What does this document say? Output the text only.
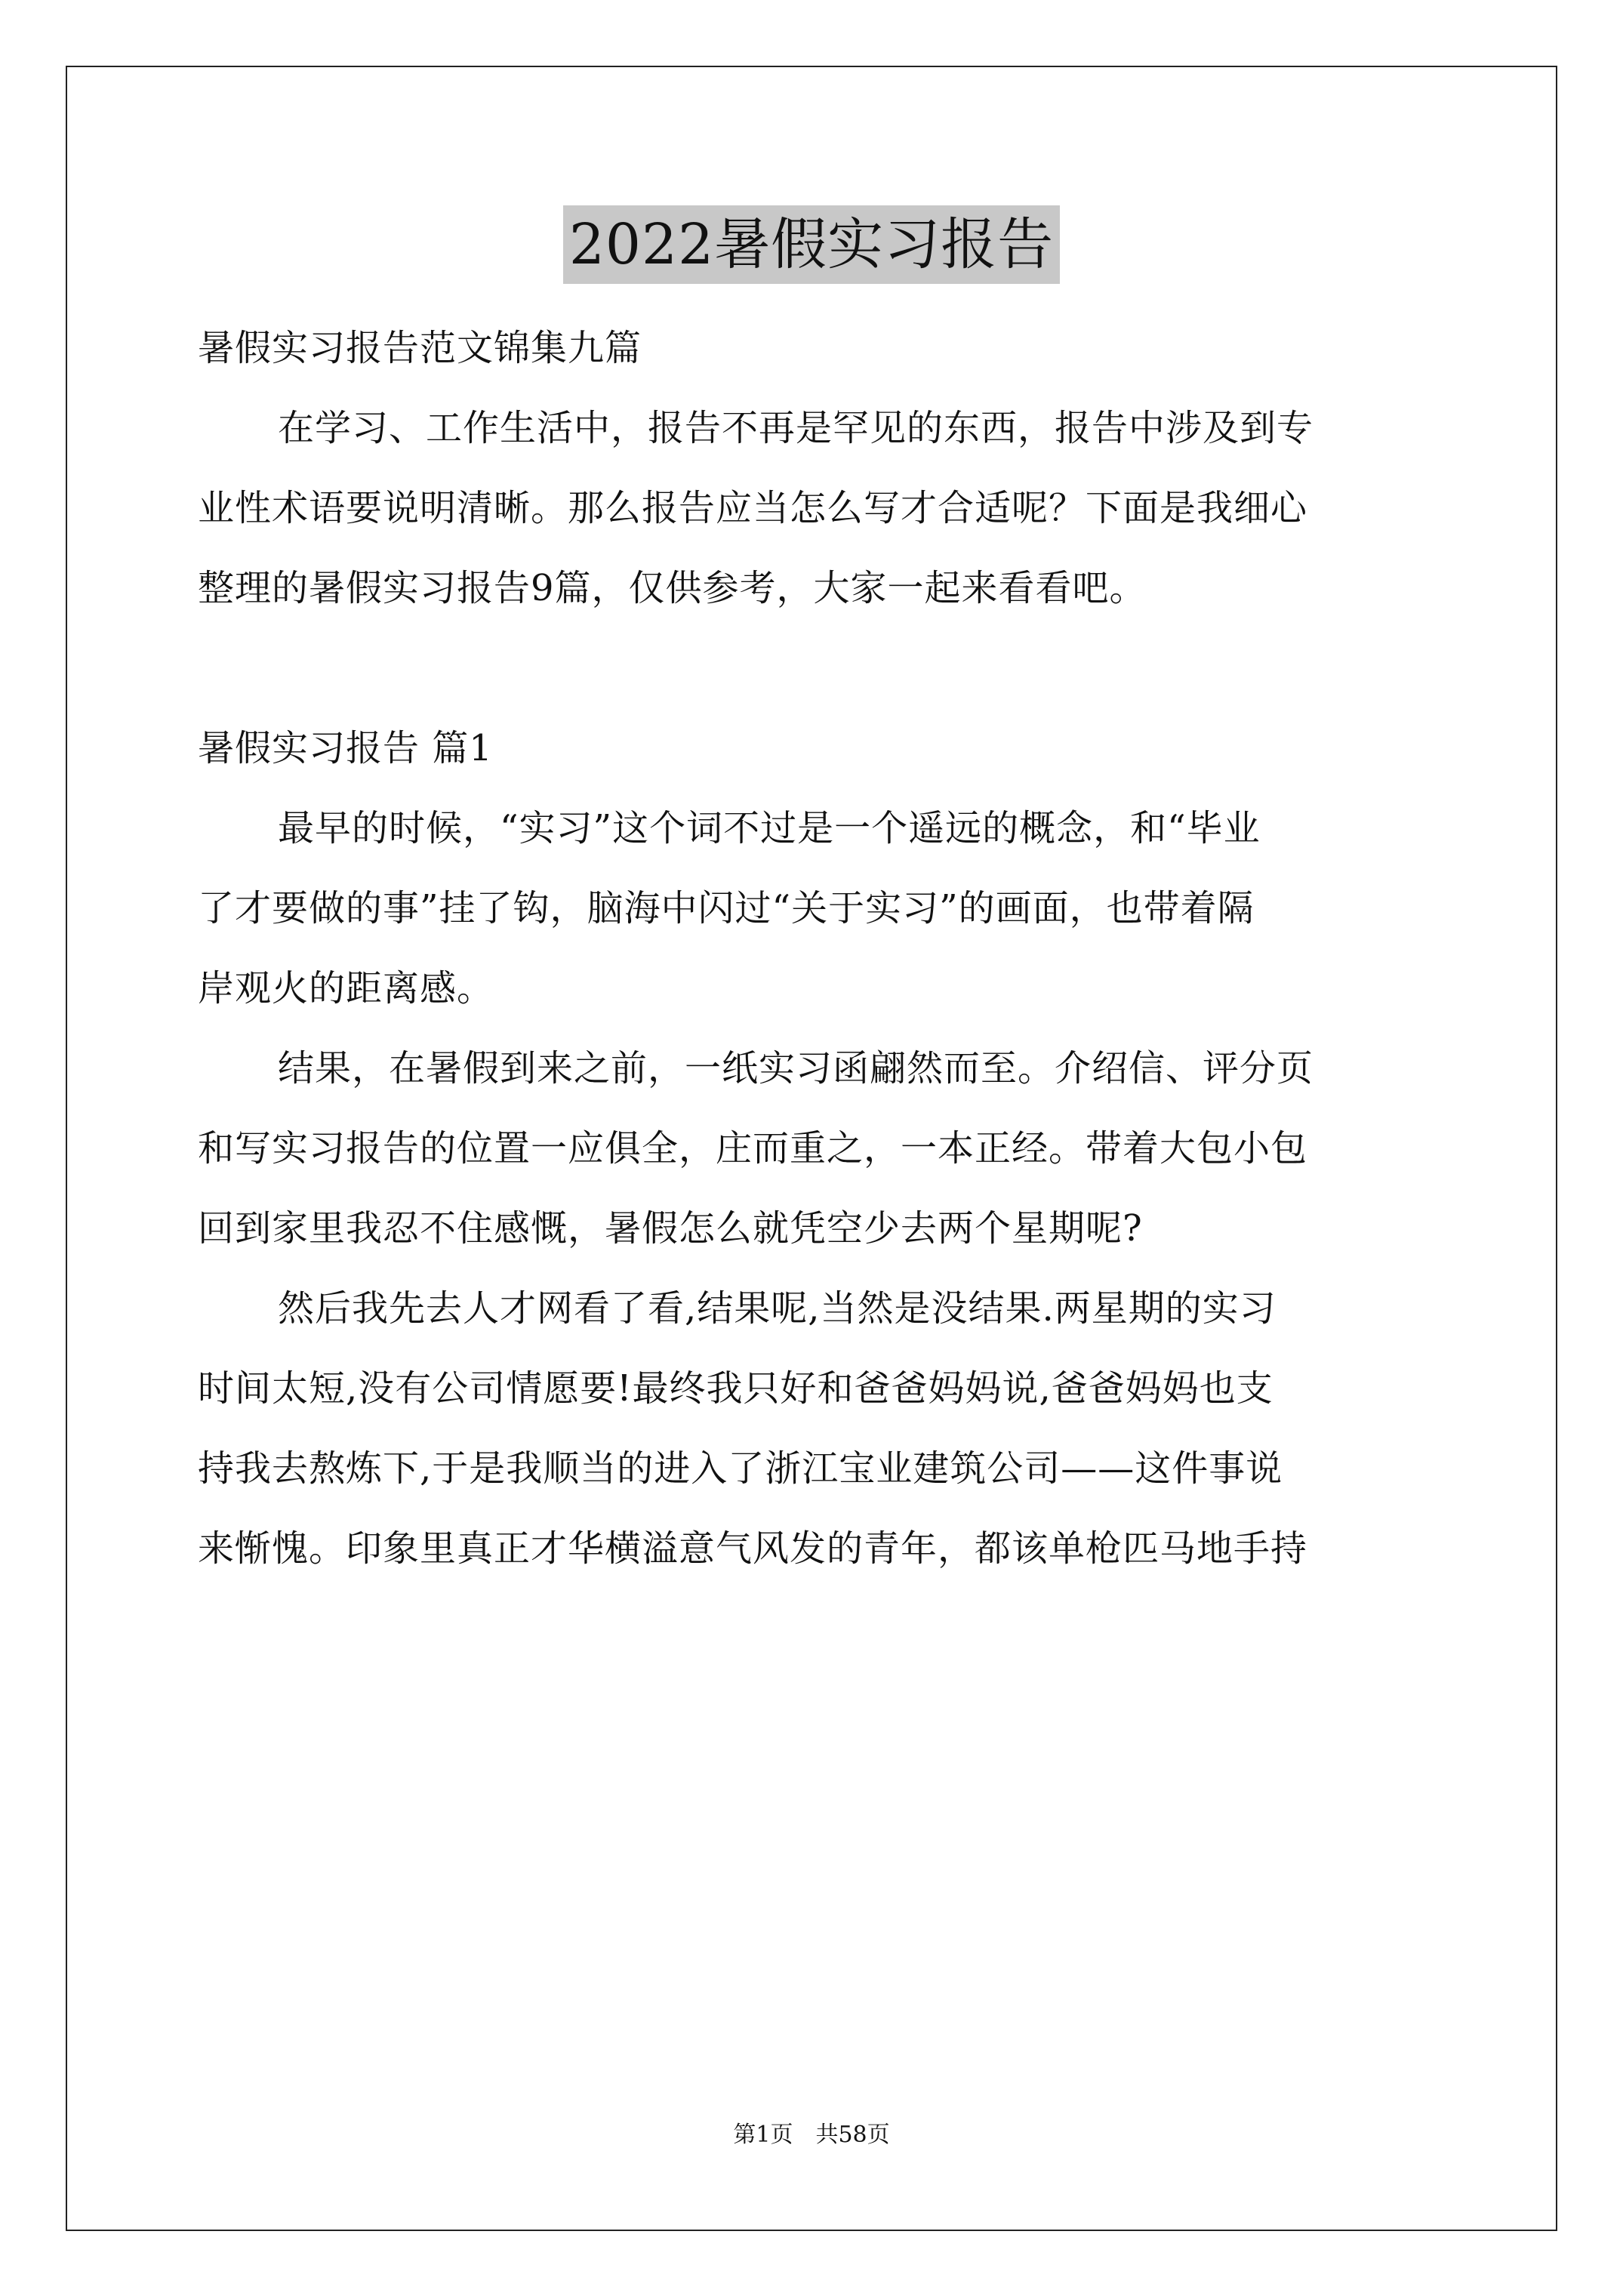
2022暑假实习报告
暑假实习报告范文锦集九篇
在学习、工作生活中，报告不再是罕见的东西，报告中涉及到专
业性术语要说明清晰。那么报告应当怎么写才合适呢？下面是我细心
整理的暑假实习报告9篇，仅供参考，大家一起来看看吧。
暑假实习报告 篇1
最早的时候，“实习”这个词不过是一个遥远的概念，和“毕业
了才要做的事”挂了钩，脑海中闪过“关于实习”的画面，也带着隔
岸观火的距离感。
结果，在暑假到来之前，一纸实习函翩然而至。介绍信、评分页
和写实习报告的位置一应俱全，庄而重之，一本正经。带着大包小包
回到家里我忍不住感慨，暑假怎么就凭空少去两个星期呢?
然后我先去人才网看了看,结果呢,当然是没结果.两星期的实习
时间太短,没有公司情愿要!最终我只好和爸爸妈妈说,爸爸妈妈也支
持我去熬炼下,于是我顺当的进入了浙江宝业建筑公司——这件事说
来惭愧。印象里真正才华横溢意气风发的青年，都该单枪匹马地手持
第1页　共58页
